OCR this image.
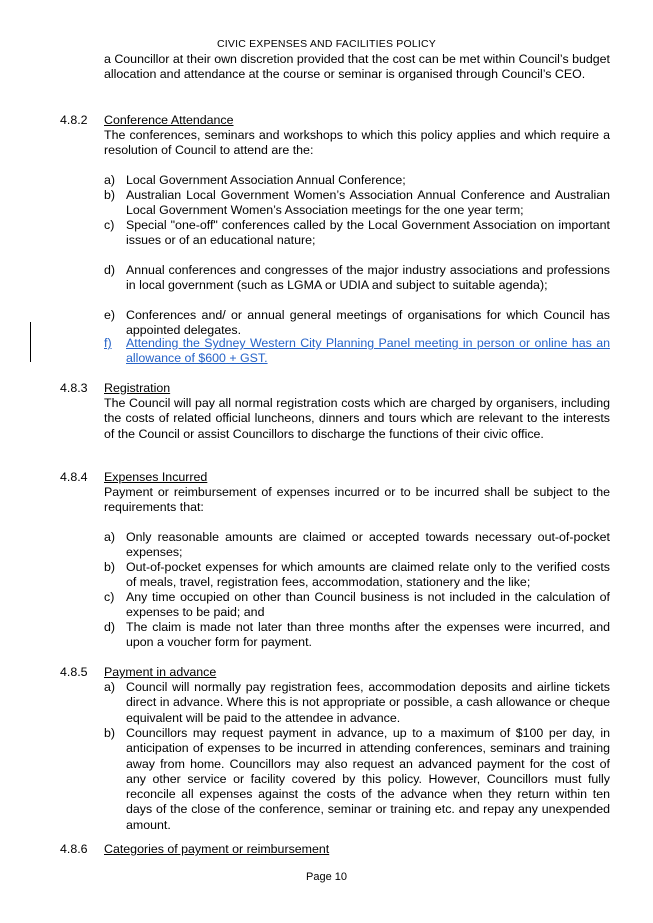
CIVIC EXPENSES AND FACILITIES POLICY
a Councillor at their own discretion provided that the cost can be met within Council’s budget allocation and attendance at the course or seminar is organised through Council’s CEO.
4.8.2 Conference Attendance
The conferences, seminars and workshops to which this policy applies and which require a resolution of Council to attend are the:
a) Local Government Association Annual Conference;
b) Australian Local Government Women’s Association Annual Conference and Australian Local Government Women’s Association meetings for the one year term;
c) Special "one-off" conferences called by the Local Government Association on important issues or of an educational nature;
d) Annual conferences and congresses of the major industry associations and professions in local government (such as LGMA or UDIA and subject to suitable agenda);
e) Conferences and/ or annual general meetings of organisations for which Council has appointed delegates.
f) Attending the Sydney Western City Planning Panel meeting in person or online has an allowance of $600 + GST.
4.8.3 Registration
The Council will pay all normal registration costs which are charged by organisers, including the costs of related official luncheons, dinners and tours which are relevant to the interests of the Council or assist Councillors to discharge the functions of their civic office.
4.8.4 Expenses Incurred
Payment or reimbursement of expenses incurred or to be incurred shall be subject to the requirements that:
a) Only reasonable amounts are claimed or accepted towards necessary out-of-pocket expenses;
b) Out-of-pocket expenses for which amounts are claimed relate only to the verified costs of meals, travel, registration fees, accommodation, stationery and the like;
c) Any time occupied on other than Council business is not included in the calculation of expenses to be paid; and
d) The claim is made not later than three months after the expenses were incurred, and upon a voucher form for payment.
4.8.5 Payment in advance
a) Council will normally pay registration fees, accommodation deposits and airline tickets direct in advance. Where this is not appropriate or possible, a cash allowance or cheque equivalent will be paid to the attendee in advance.
b) Councillors may request payment in advance, up to a maximum of $100 per day, in anticipation of expenses to be incurred in attending conferences, seminars and training away from home. Councillors may also request an advanced payment for the cost of any other service or facility covered by this policy. However, Councillors must fully reconcile all expenses against the costs of the advance when they return within ten days of the close of the conference, seminar or training etc. and repay any unexpended amount.
4.8.6 Categories of payment or reimbursement
Page 10
